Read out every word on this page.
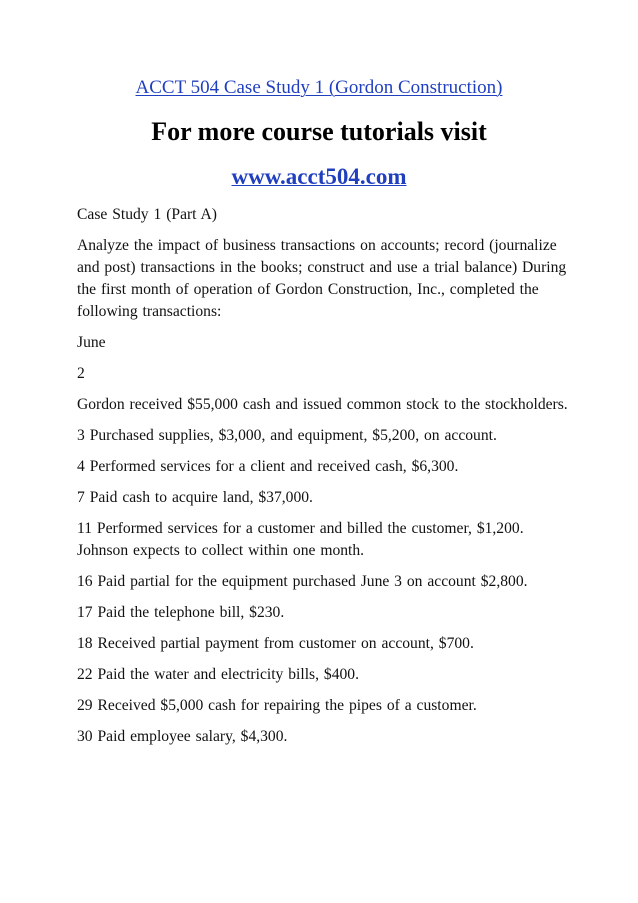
ACCT 504 Case Study 1 (Gordon Construction)
For more course tutorials visit
www.acct504.com

Case Study 1 (Part A)

Analyze the impact of business transactions on accounts; record (journalize and post) transactions in the books; construct and use a trial balance) During the first month of operation of Gordon Construction, Inc., completed the following transactions:

June

2

Gordon received $55,000 cash and issued common stock to the stockholders.

3 Purchased supplies, $3,000, and equipment, $5,200, on account.

4 Performed services for a client and received cash, $6,300.

7 Paid cash to acquire land, $37,000.

11 Performed services for a customer and billed the customer, $1,200. Johnson expects to collect within one month.

16 Paid partial for the equipment purchased June 3 on account $2,800.

17 Paid the telephone bill, $230.

18 Received partial payment from customer on account, $700.

22 Paid the water and electricity bills, $400.

29 Received $5,000 cash for repairing the pipes of a customer.

30 Paid employee salary, $4,300.
